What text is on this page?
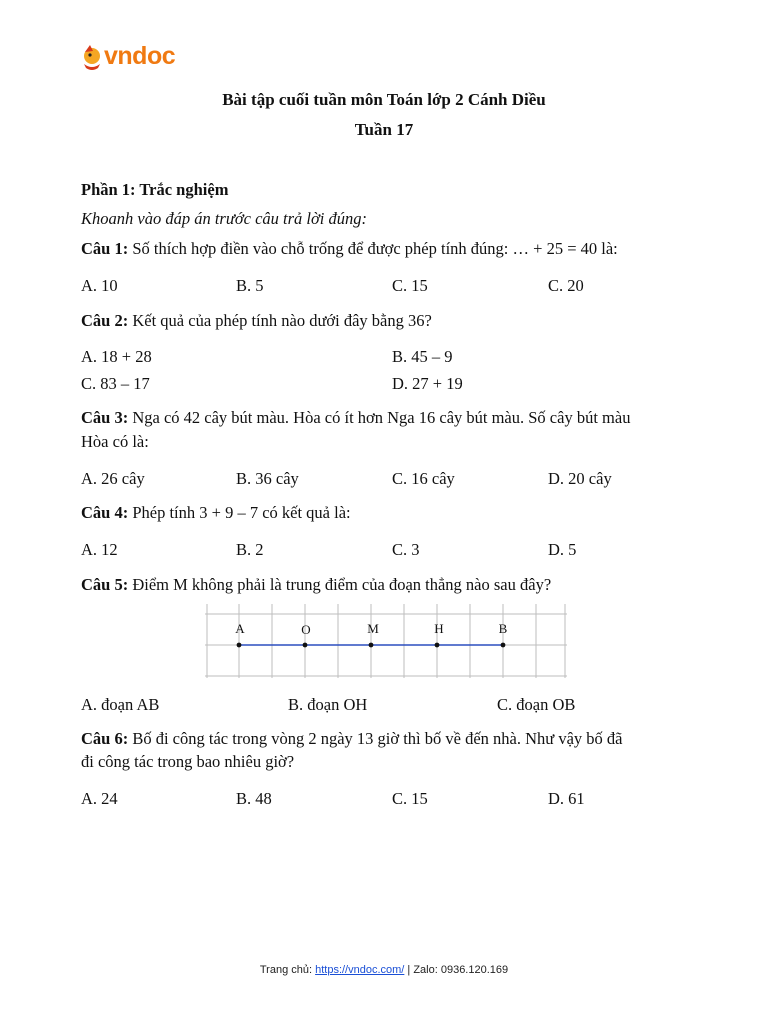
vndoc
Bài tập cuối tuần môn Toán lớp 2 Cánh Diều
Tuần 17
Phần 1: Trắc nghiệm
Khoanh vào đáp án trước câu trả lời đúng:
Câu 1: Số thích hợp điền vào chỗ trống để được phép tính đúng: … + 25 = 40 là:
A. 10	B. 5	C. 15	C. 20
Câu 2: Kết quả của phép tính nào dưới đây bằng 36?
A. 18 + 28	B. 45 – 9
C. 83 – 17	D. 27 + 19
Câu 3: Nga có 42 cây bút màu. Hòa có ít hơn Nga 16 cây bút màu. Số cây bút màu
Hòa có là:
A. 26 cây	B. 36 cây	C. 16 cây	D. 20 cây
Câu 4: Phép tính 3 + 9 – 7 có kết quả là:
A. 12	B. 2	C. 3	D. 5
Câu 5: Điểm M không phải là trung điểm của đoạn thẳng nào sau đây?
A	O	M	H	B
A. đoạn AB	B. đoạn OH	C. đoạn OB
Câu 6: Bố đi công tác trong vòng 2 ngày 13 giờ thì bố về đến nhà. Như vậy bố đã
đi công tác trong bao nhiêu giờ?
A. 24	B. 48	C. 15	D. 61
Trang chủ: https://vndoc.com/ | Zalo: 0936.120.169
